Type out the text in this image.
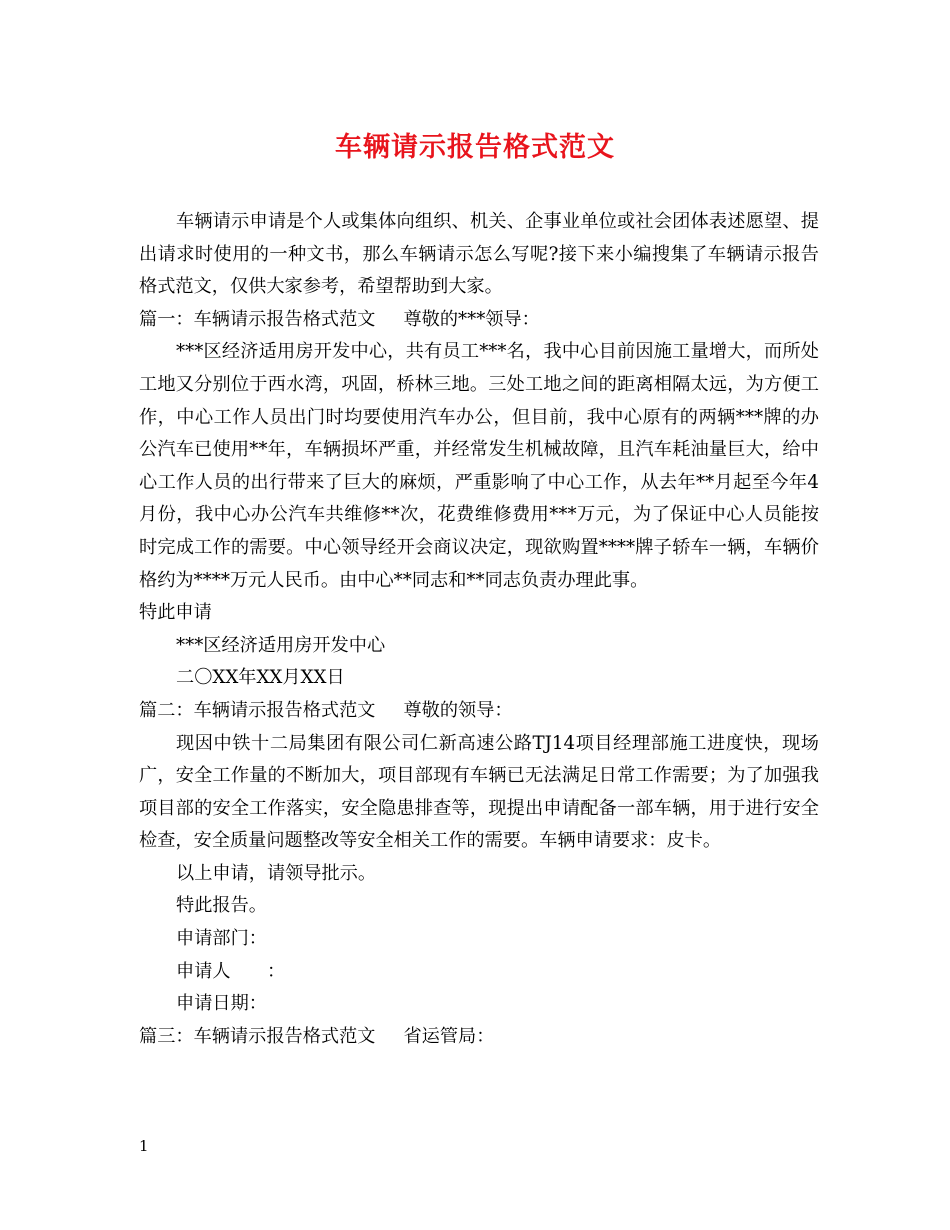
车辆请示报告格式范文

车辆请示申请是个人或集体向组织、机关、企事业单位或社会团体表述愿望、提出请求时使用的一种文书，那么车辆请示怎么写呢?接下来小编搜集了车辆请示报告格式范文，仅供大家参考，希望帮助到大家。

篇一：车辆请示报告格式范文 尊敬的***领导：

***区经济适用房开发中心，共有员工***名，我中心目前因施工量增大，而所处工地又分别位于西水湾，巩固，桥林三地。三处工地之间的距离相隔太远，为方便工作，中心工作人员出门时均要使用汽车办公，但目前，我中心原有的两辆***牌的办公汽车已使用**年，车辆损坏严重，并经常发生机械故障，且汽车耗油量巨大，给中心工作人员的出行带来了巨大的麻烦，严重影响了中心工作，从去年**月起至今年4月份，我中心办公汽车共维修**次，花费维修费用***万元，为了保证中心人员能按时完成工作的需要。中心领导经开会商议决定，现欲购置****牌子轿车一辆，车辆价格约为****万元人民币。由中心**同志和**同志负责办理此事。

特此申请

***区经济适用房开发中心

二〇XX年XX月XX日

篇二：车辆请示报告格式范文 尊敬的领导：

现因中铁十二局集团有限公司仁新高速公路TJ14项目经理部施工进度快，现场广，安全工作量的不断加大，项目部现有车辆已无法满足日常工作需要；为了加强我项目部的安全工作落实，安全隐患排查等，现提出申请配备一部车辆，用于进行安全检查，安全质量问题整改等安全相关工作的需要。车辆申请要求：皮卡。

以上申请，请领导批示。

特此报告。

申请部门：

申请人　　：

申请日期：

篇三：车辆请示报告格式范文 省运管局：

1
